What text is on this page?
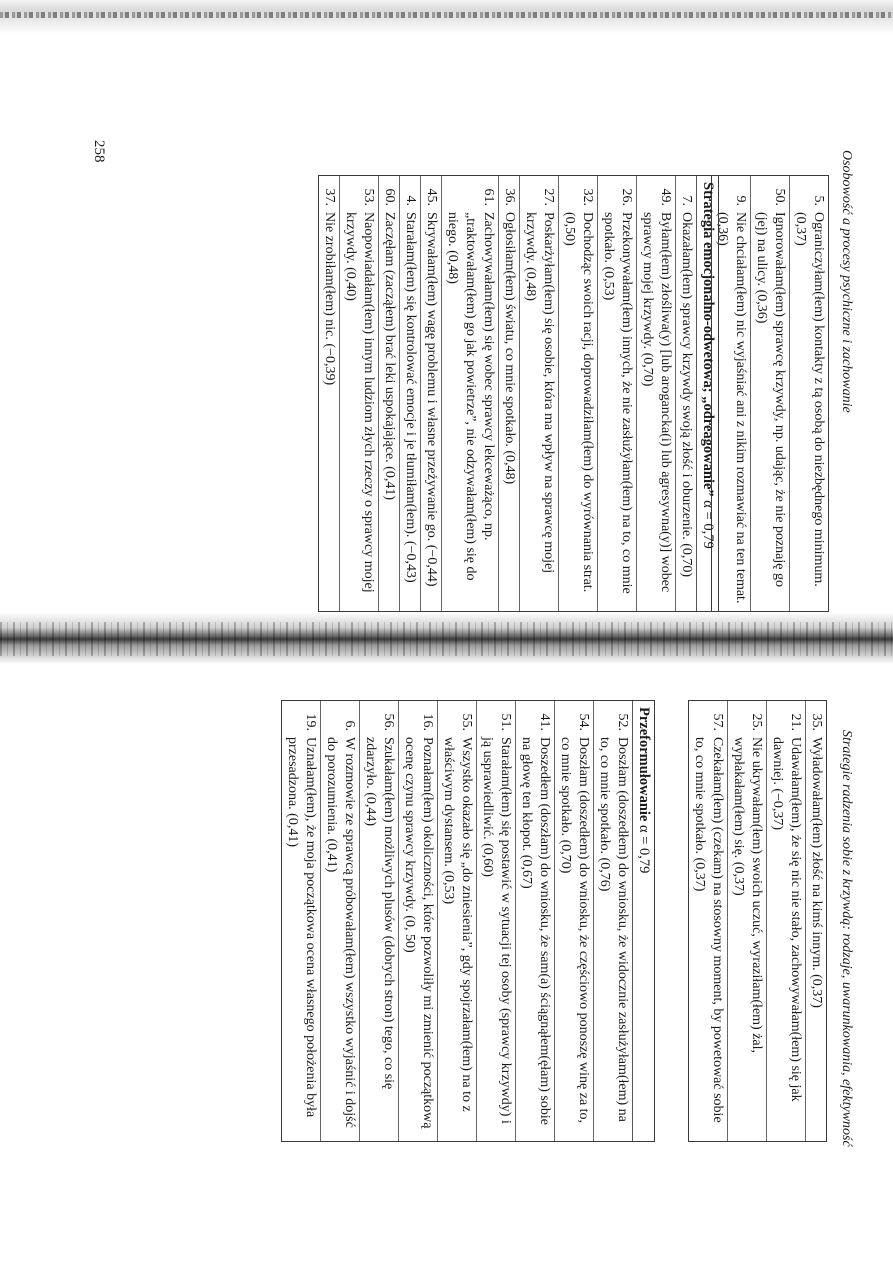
Osobowość a procesy psychiczne i zachowanie
5.
Ograniczyłam(łem) kontakty z tą osobą do niezbędnego minimum. (0,37)
50.
Ignorowałam(łem) sprawcę krzywdy, np. udając, że nie poznaję go (jej) na ulicy. (0,36)
9.
Nie chciałam(łem) nic wyjaśniać ani z nikim rozmawiać na ten temat. (0,36)
Strategia emocjonalno-odwetowa; „odreagowanie” α = 0,79
7.
Okazałam(łem) sprawcy krzywdy swoją złość i oburzenie. (0,70)
49.
Byłam(łem) złośliwa(y) [lub arogancka(i) lub agresywna(y)] wobec sprawcy mojej krzywdy. (0,70)
26.
Przekonywałam(łem) innych, że nie zasłużyłam(łem) na to, co mnie spotkało. (0,53)
32.
Dochodząc swoich racji, doprowadziłam(łem) do wyrównania strat. (0,50)
27.
Poskarżyłam(łem) się osobie, która ma wpływ na sprawcę mojej krzywdy. (0,48)
36.
Ogłosiłam(łem) światu, co mnie spotkało. (0,48)
61.
Zachowywałam(łem) się wobec sprawcy lekceważąco, np. „traktowałam(łem) go jak powietrze”, nie odzywałam(łem) się do niego. (0,48)
45.
Skrywałam(łem) wagę problemu i własne przeżywanie go. (−0,44)
4.
Starałam(łem) się kontrolować emocje i je tłumiłam(łem). (−0,43)
60.
Zaczęłam (zacząłem) brać leki uspokajające. (0,41)
53.
Naopowiadałam(łem) innym ludziom złych rzeczy o sprawcy mojej krzywdy. (0,40)
37.
Nie zrobiłam(łem) nic. (−0,39)
258
Strategie radzenia sobie z krzywdą: rodzaje, uwarunkowania, efektywność
35.
Wyładowałam(łem) złość na kimś innym. (0,37)
21.
Udawałam(łem), że się nic nie stało, zachowywałam(łem) się jak dawniej. (−0,37)
25.
Nie ukrywałam(łem) swoich uczuć, wyraziłam(łem) żal, wypłakałam(łem) się. (0,37)
57.
Czekałam(łem) (czekam) na stosowny moment, by powetować sobie to, co mnie spotkało. (0,37)
Przeformułowanie α = 0,79
52.
Doszłam (doszedłem) do wniosku, że widocznie zasłużyłam(łem) na to, co mnie spotkało. (0,76)
54.
Doszłam (doszedłem) do wniosku, że częściowo ponoszę winę za to, co mnie spotkało. (0,70)
41.
Doszedłem (doszłam) do wniosku, że sam(a) ściągnąłem(ęłam) sobie na głowę ten kłopot. (0,67)
51.
Starałam(łem) się postawić w sytuacji tej osoby (sprawcy krzywdy) i ją usprawiedliwić. (0,60)
55.
Wszystko okazało się „do zniesienia”, gdy spojrzałam(łem) na to z właściwym dystansem. (0,53)
16.
Poznałam(łem) okoliczności, które pozwoliły mi zmienić początkową ocenę czynu sprawcy krzywdy. (0, 50)
56.
Szukałam(łem) możliwych plusów (dobrych stron) tego, co się zdarzyło. (0,44)
6.
W rozmowie ze sprawcą próbowałam(łem) wszystko wyjaśnić i dojść do porozumienia. (0,41)
19.
Uznałam(łem), że moja początkowa ocena własnego położenia była przesadzona. (0,41)
